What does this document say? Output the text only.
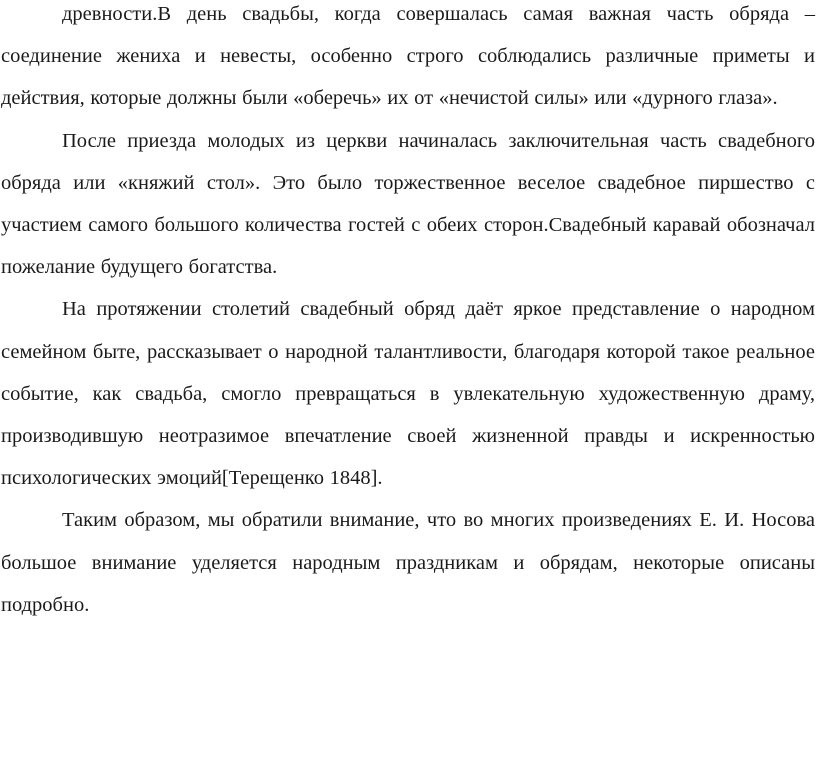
древности.В день свадьбы, когда совершалась самая важная часть обряда –соединение жениха и невесты, особенно строго соблюдались различные приметы и действия, которые должны были «оберечь» их от «нечистой силы» или «дурного глаза».

После приезда молодых из церкви начиналась заключительная часть свадебного обряда или «княжий стол». Это было торжественное веселое свадебное пиршество с участием самого большого количества гостей с обеих сторон.Свадебный каравай обозначал пожелание будущего богатства.

На протяжении столетий свадебный обряд даёт яркое представление о народном семейном быте, рассказывает о народной талантливости, благодаря которой такое реальное событие, как свадьба, смогло превращаться в увлекательную художественную драму, производившую неотразимое впечатление своей жизненной правды и искренностью психологических эмоций[Терещенко 1848].

Таким образом, мы обратили внимание, что во многих произведениях Е. И. Носова большое внимание уделяется народным праздникам и обрядам, некоторые описаны подробно.
